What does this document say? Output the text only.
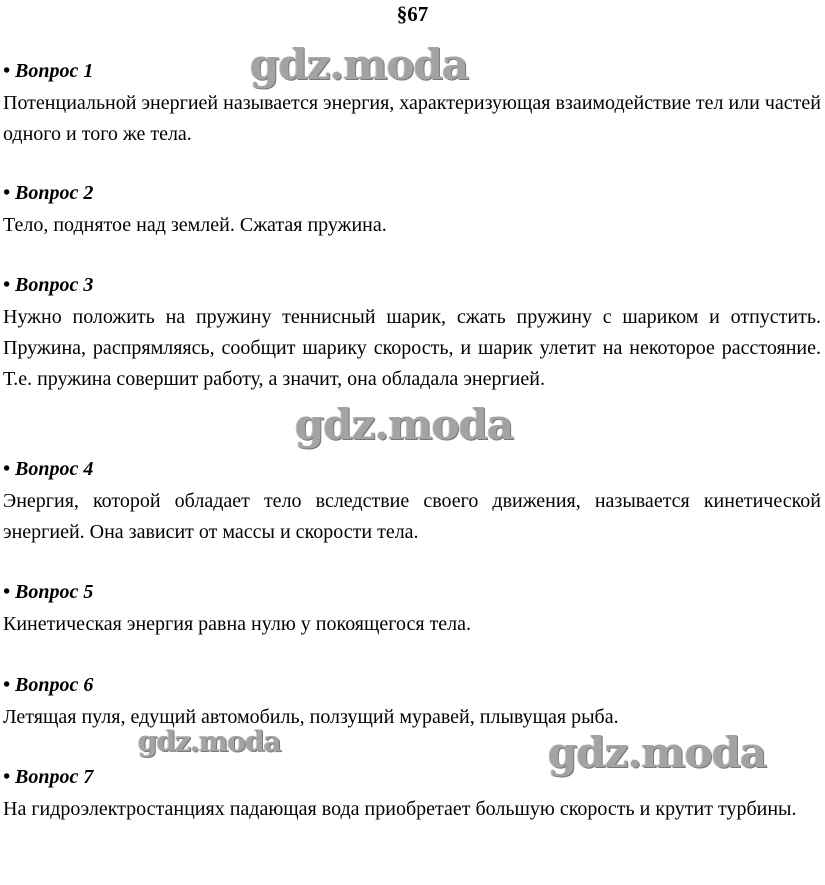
§67

• Вопрос 1

Потенциальной энергией называется энергия, характеризующая взаимодействие тел или частей одного и того же тела.

• Вопрос 2

Тело, поднятое над землей. Сжатая пружина.

• Вопрос 3

Нужно положить на пружину теннисный шарик, сжать пружину с шариком и отпустить. Пружина, распрямляясь, сообщит шарику скорость, и шарик улетит на некоторое расстояние. Т.е. пружина совершит работу, а значит, она обладала энергией.

• Вопрос 4

Энергия, которой обладает тело вследствие своего движения, называется кинетической энергией. Она зависит от массы и скорости тела.

• Вопрос 5

Кинетическая энергия равна нулю у покоящегося тела.

• Вопрос 6

Летящая пуля, едущий автомобиль, ползущий муравей, плывущая рыба.

• Вопрос 7

На гидроэлектростанциях падающая вода приобретает большую скорость и крутит турбины.

gdz.moda
gdz.moda
gdz.moda	gdz.moda
